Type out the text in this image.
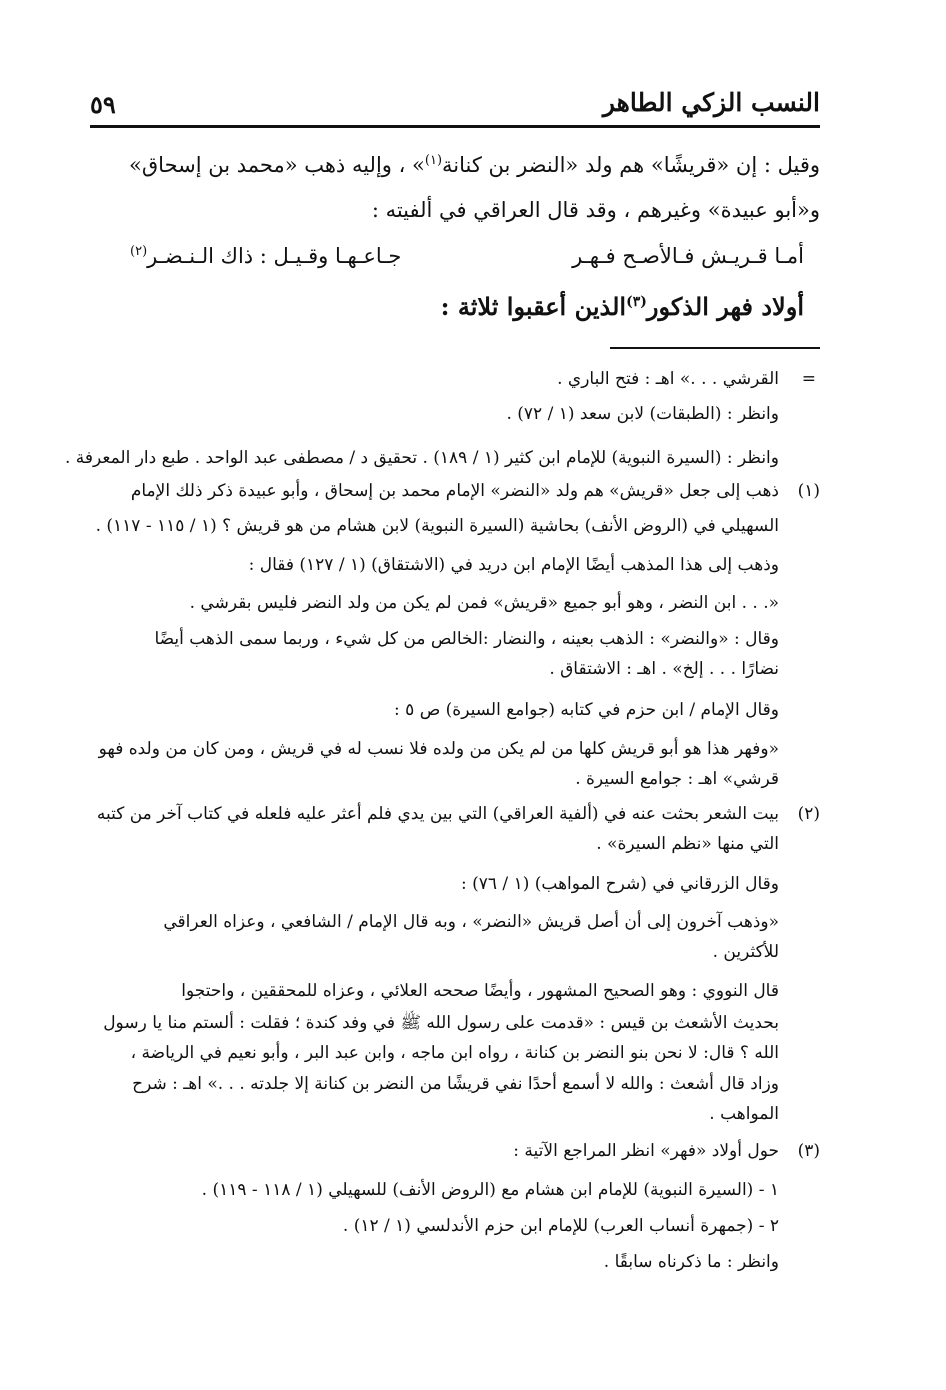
النسب الزكي الطاهر
٥٩
وقيل : إن «قريشًا» هم ولد «النضر بن كنانة$^{(١)}$» ، وإليه ذهب «محمد بن إسحاق»
و«أبو عبيدة» وغيرهم ، وقد قال العراقي في ألفيته :
أمـا قـريـش فـالأصـح فـهـر
جـاعـهـا وقـيـل : ذاك الـنـضـر$^{(٢)}$
أولاد فهر الذكور$^{(٣)}$الذين أعقبوا ثلاثة :
=
القرشي . . .» اهـ : فتح الباري .
وانظر : (الطبقات) لابن سعد (١ / ٧٢) .
وانظر : (السيرة النبوية) للإمام ابن كثير (١ / ١٨٩) . تحقيق د / مصطفى عبد الواحد . طبع دار المعرفة .
(١)
ذهب إلى جعل «قريش» هم ولد «النضر» الإمام محمد بن إسحاق ، وأبو عبيدة ذكر ذلك الإمام
السهيلي في (الروض الأنف) بحاشية (السيرة النبوية) لابن هشام من هو قريش ؟ (١ / ١١٥ - ١١٧) .
وذهب إلى هذا المذهب أيضًا الإمام ابن دريد في (الاشتقاق) (١ / ١٢٧) فقال :
«. . . ابن النضر ، وهو أبو جميع «قريش» فمن لم يكن من ولد النضر فليس بقرشي .
وقال : «والنضر» : الذهب بعينه ، والنضار :الخالص من كل شيء ، وربما سمى الذهب أيضًا
نضارًا . . . إلخ» . اهـ : الاشتقاق .
وقال الإمام / ابن حزم في كتابه (جوامع السيرة) ص ٥ :
«وفهر هذا هو أبو قريش كلها من لم يكن من ولده فلا نسب له في قريش ، ومن كان من ولده فهو
قرشي» اهـ : جوامع السيرة .
(٢)
بيت الشعر بحثت عنه في (ألفية العراقي) التي بين يدي فلم أعثر عليه فلعله في كتاب آخر من كتبه
التي منها «نظم السيرة» .
وقال الزرقاني في (شرح المواهب) (١ / ٧٦) :
«وذهب آخرون إلى أن أصل قريش «النضر» ، وبه قال الإمام / الشافعي ، وعزاه العراقي
للأكثرين .
قال النووي : وهو الصحيح المشهور ، وأيضًا صححه العلائي ، وعزاه للمحققين ، واحتجوا
بحديث الأشعث بن قيس : «قدمت على رسول الله ﷺ في وفد كندة ؛ فقلت : ألستم منا يا رسول
الله ؟ قال: لا نحن بنو النضر بن كنانة ، رواه ابن ماجه ، وابن عبد البر ، وأبو نعيم في الرياضة ،
وزاد قال أشعث : والله لا أسمع أحدًا نفي قريشًا من النضر بن كنانة إلا جلدته . . .» اهـ : شرح
المواهب .
(٣)
حول أولاد «فهر» انظر المراجع الآتية :
١ - (السيرة النبوية) للإمام ابن هشام مع (الروض الأنف) للسهيلي (١ / ١١٨ - ١١٩) .
٢ - (جمهرة أنساب العرب) للإمام ابن حزم الأندلسي (١ / ١٢) .
وانظر : ما ذكرناه سابقًا .
